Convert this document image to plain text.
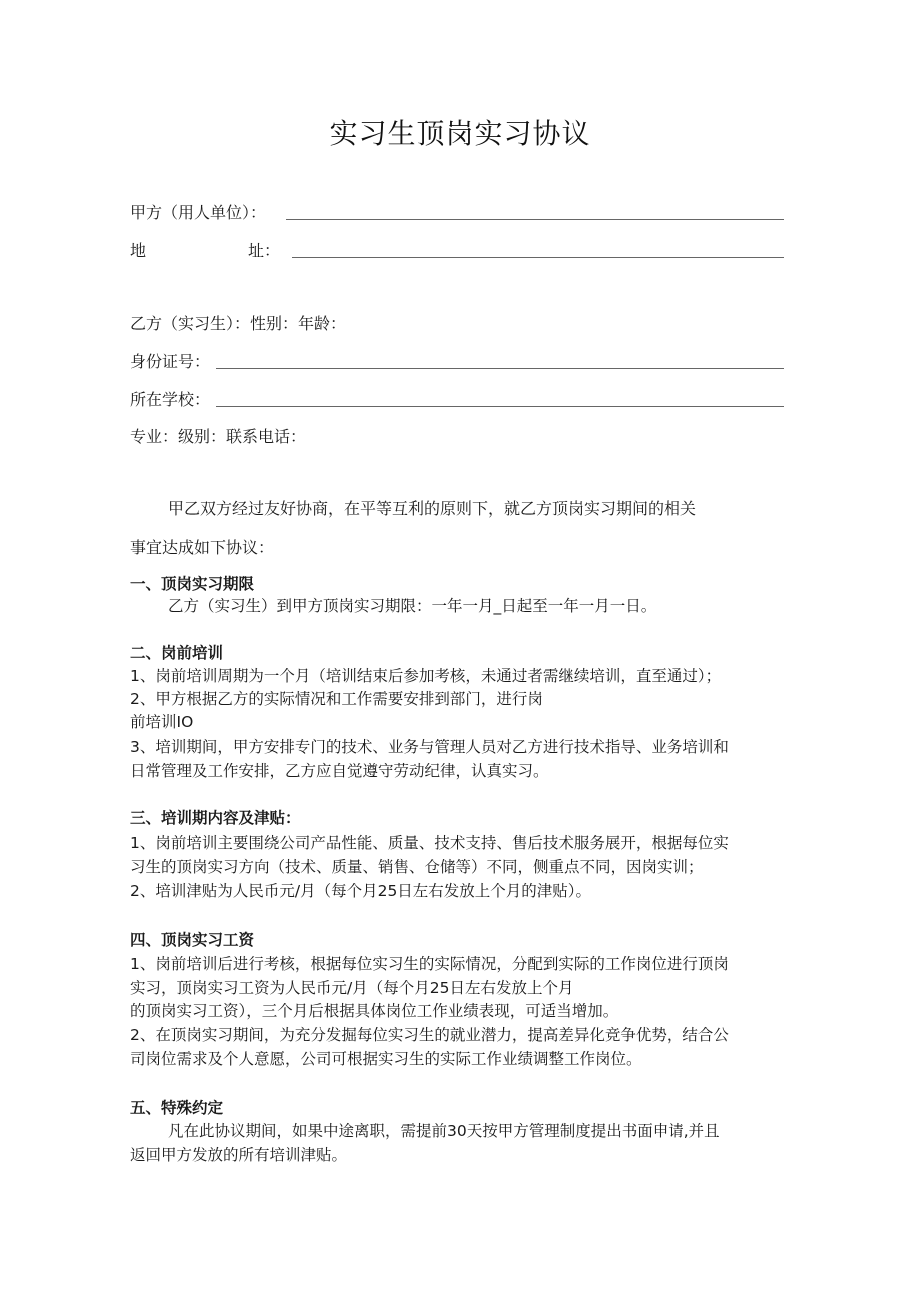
实习生顶岗实习协议
甲方（用人单位）：
地	址：
乙方（实习生）：性别：年龄：
身份证号：
所在学校：
专业：级别：联系电话：
甲乙双方经过友好协商，在平等互利的原则下，就乙方顶岗实习期间的相关
事宜达成如下协议：
一、顶岗实习期限
乙方（实习生）到甲方顶岗实习期限：一年一月_日起至一年一月一日。
二、岗前培训
1、岗前培训周期为一个月（培训结束后参加考核，未通过者需继续培训，直至通过）；
2、甲方根据乙方的实际情况和工作需要安排到部门，进行岗
前培训IO
3、培训期间，甲方安排专门的技术、业务与管理人员对乙方进行技术指导、业务培训和
日常管理及工作安排，乙方应自觉遵守劳动纪律，认真实习。
三、培训期内容及津贴：
1、岗前培训主要围绕公司产品性能、质量、技术支持、售后技术服务展开，根据每位实
习生的顶岗实习方向（技术、质量、销售、仓储等）不同，侧重点不同，因岗实训；
2、培训津贴为人民币元/月（每个月25日左右发放上个月的津贴）。
四、顶岗实习工资
1、岗前培训后进行考核，根据每位实习生的实际情况，分配到实际的工作岗位进行顶岗
实习，顶岗实习工资为人民币元/月（每个月25日左右发放上个月
的顶岗实习工资），三个月后根据具体岗位工作业绩表现，可适当增加。
2、在顶岗实习期间，为充分发掘每位实习生的就业潜力，提高差异化竞争优势，结合公
司岗位需求及个人意愿，公司可根据实习生的实际工作业绩调整工作岗位。
五、特殊约定
凡在此协议期间，如果中途离职，需提前30天按甲方管理制度提出书面申请,并且
返回甲方发放的所有培训津贴。
